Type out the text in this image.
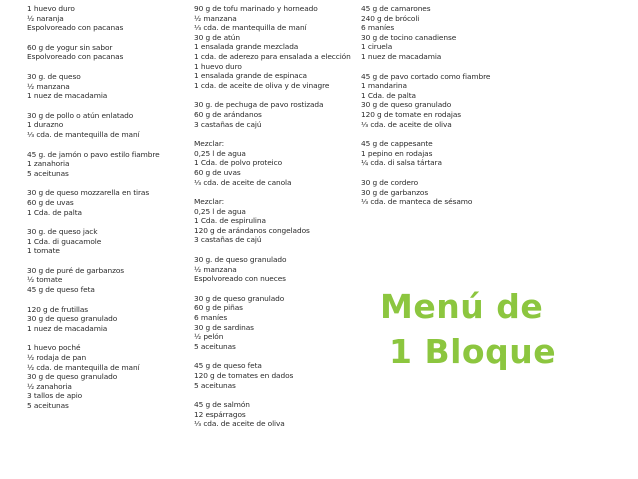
1 huevo duro
½ naranja
Espolvoreado con pacanas
60 g de yogur sin sabor
Espolvoreado con pacanas
30 g. de queso
½ manzana
1 nuez de macadamia
30 g de pollo o atún enlatado
1 durazno
⅓ cda. de mantequilla de maní
45 g. de jamón o pavo estilo fiambre
1 zanahoria
5 aceitunas
30 g de queso mozzarella en tiras
60 g de uvas
1 Cda. de palta
30 g. de queso jack
1 Cda. di guacamole
1 tomate
30 g de puré de garbanzos
½ tomate
45 g de queso feta
120 g de frutillas
30 g de queso granulado
1 nuez de macadamia
1 huevo poché
½ rodaja de pan
½ cda. de mantequilla de maní
30 g de queso granulado
½ zanahoria
3 tallos de apio
5 aceitunas
90 g de tofu marinado y horneado
½ manzana
⅓ cda. de mantequilla de maní
30 g de atún
1 ensalada grande mezclada
1 cda. de aderezo para ensalada a elección
1 huevo duro
1 ensalada grande de espinaca
1 cda. de aceite de oliva y de vinagre
30 g. de pechuga de pavo rostizada
60 g de arándanos
3 castañas de cajú
Mezclar:
0,25 l de agua
1 Cda. de polvo proteico
60 g de uvas
⅓ cda. de aceite de canola
Mezclar:
0,25 l de agua
1 Cda. de espirulina
120 g de arándanos congelados
3 castañas de cajú
30 g. de queso granulado
½ manzana
Espolvoreado con nueces
30 g de queso granulado
60 g de piñas
6 maníes
30 g de sardinas
½ pelón
5 aceitunas
45 g de queso feta
120 g de tomates en dados
5 aceitunas
45 g de salmón
12 espárragos
⅓ cda. de aceite de oliva
45 g de camarones
240 g de brócoli
6 maníes
30 g de tocino canadiense
1 ciruela
1 nuez de macadamia
45 g de pavo cortado como fiambre
1 mandarina
1 Cda. de palta
30 g de queso granulado
120 g de tomate en rodajas
⅓ cda. de aceite de oliva
45 g de cappesante
1 pepino en rodajas
¼ cda. di salsa tártara
30 g de cordero
30 g de garbanzos
⅓ cda. de manteca de sésamo
Menú de
1 Bloque
